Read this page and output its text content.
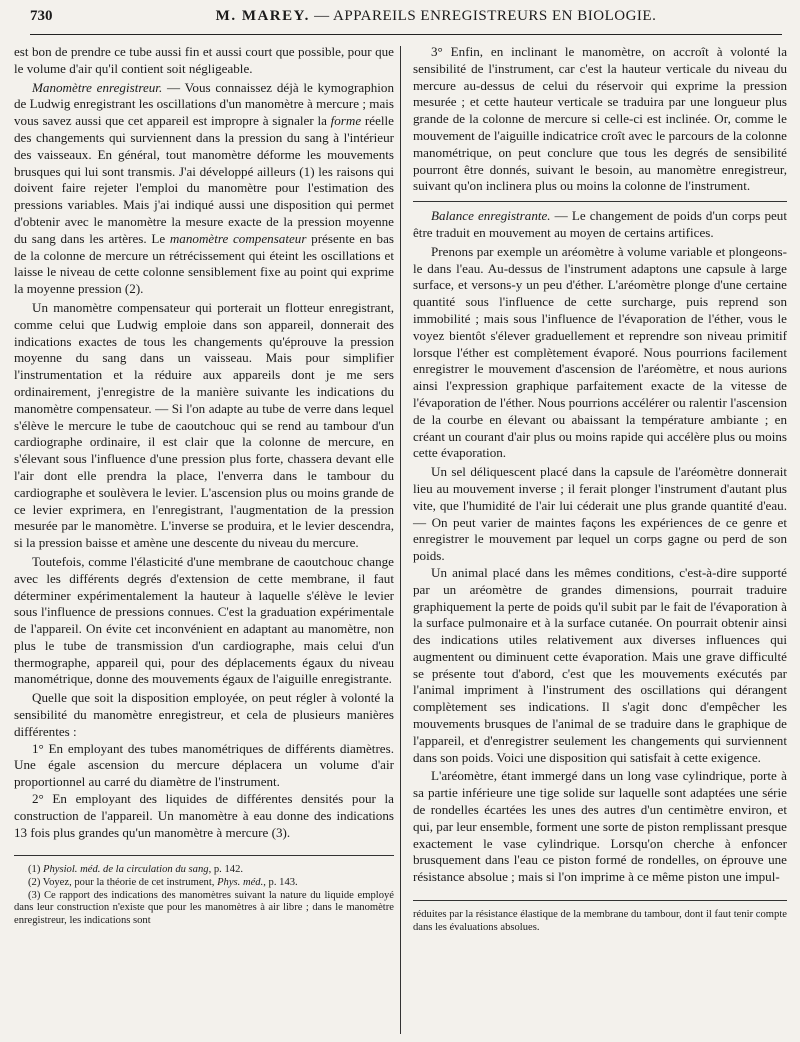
730	M. MAREY. — APPAREILS ENREGISTREURS EN BIOLOGIE.

est bon de prendre ce tube aussi fin et aussi court que possible, pour que le volume d'air qu'il contient soit négligeable.

Manomètre enregistreur. — Vous connaissez déjà le kymographion de Ludwig enregistrant les oscillations d'un manomètre à mercure ; mais vous savez aussi que cet appareil est impropre à signaler la forme réelle des changements qui surviennent dans la pression du sang à l'intérieur des vaisseaux. En général, tout manomètre déforme les mouvements brusques qui lui sont transmis. J'ai développé ailleurs (1) les raisons qui doivent faire rejeter l'emploi du manomètre pour l'estimation des pressions variables. Mais j'ai indiqué aussi une disposition qui permet d'obtenir avec le manomètre la mesure exacte de la pression moyenne du sang dans les artères. Le manomètre compensateur présente en bas de la colonne de mercure un rétrécissement qui éteint les oscillations et laisse le niveau de cette colonne sensiblement fixe au point qui exprime la moyenne pression (2).

Un manomètre compensateur qui porterait un flotteur enregistrant, comme celui que Ludwig emploie dans son appareil, donnerait des indications exactes de tous les changements qu'éprouve la pression moyenne du sang dans un vaisseau. Mais pour simplifier l'instrumentation et la réduire aux appareils dont je me sers ordinairement, j'enregistre de la manière suivante les indications du manomètre compensateur. — Si l'on adapte au tube de verre dans lequel s'élève le mercure le tube de caoutchouc qui se rend au tambour d'un cardiographe ordinaire, il est clair que la colonne de mercure, en s'élevant sous l'influence d'une pression plus forte, chassera devant elle l'air dont elle prendra la place, l'enverra dans le tambour du cardiographe et soulèvera le levier. L'ascension plus ou moins grande de ce levier exprimera, en l'enregistrant, l'augmentation de la pression mesurée par le manomètre. L'inverse se produira, et le levier descendra, si la pression baisse et amène une descente du niveau du mercure.

Toutefois, comme l'élasticité d'une membrane de caoutchouc change avec les différents degrés d'extension de cette membrane, il faut déterminer expérimentalement la hauteur à laquelle s'élève le levier sous l'influence de pressions connues. C'est la graduation expérimentale de l'appareil. On évite cet inconvénient en adaptant au manomètre, non plus le tube de transmission d'un cardiographe, mais celui d'un thermographe, appareil qui, pour des déplacements égaux du niveau manométrique, donne des mouvements égaux de l'aiguille enregistrante.

Quelle que soit la disposition employée, on peut régler à volonté la sensibilité du manomètre enregistreur, et cela de plusieurs manières différentes :

1° En employant des tubes manométriques de différents diamètres. Une égale ascension du mercure déplacera un volume d'air proportionnel au carré du diamètre de l'instrument.

2° En employant des liquides de différentes densités pour la construction de l'appareil. Un manomètre à eau donne des indications 13 fois plus grandes qu'un manomètre à mercure (3).

(1) Physiol. méd. de la circulation du sang, p. 142.

(2) Voyez, pour la théorie de cet instrument, Phys. méd., p. 143.

(3) Ce rapport des indications des manomètres suivant la nature du liquide employé dans leur construction n'existe que pour les manomètres à air libre ; dans le manomètre enregistreur, les indications sont

3° Enfin, en inclinant le manomètre, on accroît à volonté la sensibilité de l'instrument, car c'est la hauteur verticale du niveau du mercure au-dessus de celui du réservoir qui exprime la pression mesurée ; et cette hauteur verticale se traduira par une longueur plus grande de la colonne de mercure si celle-ci est inclinée. Or, comme le mouvement de l'aiguille indicatrice croît avec le parcours de la colonne manométrique, on peut conclure que tous les degrés de sensibilité pourront être donnés, suivant le besoin, au manomètre enregistreur, suivant qu'on inclinera plus ou moins la colonne de l'instrument.

Balance enregistrante. — Le changement de poids d'un corps peut être traduit en mouvement au moyen de certains artifices.

Prenons par exemple un aréomètre à volume variable et plongeons-le dans l'eau. Au-dessus de l'instrument adaptons une capsule à large surface, et versons-y un peu d'éther. L'aréomètre plonge d'une certaine quantité sous l'influence de cette surcharge, puis reprend son immobilité ; mais sous l'influence de l'évaporation de l'éther, vous le voyez bientôt s'élever graduellement et reprendre son niveau primitif lorsque l'éther est complètement évaporé. Nous pourrions facilement enregistrer le mouvement d'ascension de l'aréomètre, et nous aurions ainsi l'expression graphique parfaitement exacte de la vitesse de l'évaporation de l'éther. Nous pourrions accélérer ou ralentir l'ascension de la courbe en élevant ou abaissant la température ambiante ; en créant un courant d'air plus ou moins rapide qui accélère plus ou moins cette évaporation.

Un sel déliquescent placé dans la capsule de l'aréomètre donnerait lieu au mouvement inverse ; il ferait plonger l'instrument d'autant plus vite, que l'humidité de l'air lui céderait une plus grande quantité d'eau. — On peut varier de maintes façons les expériences de ce genre et enregistrer le mouvement par lequel un corps gagne ou perd de son poids.

Un animal placé dans les mêmes conditions, c'est-à-dire supporté par un aréomètre de grandes dimensions, pourrait traduire graphiquement la perte de poids qu'il subit par le fait de l'évaporation à la surface pulmonaire et à la surface cutanée. On pourrait obtenir ainsi des indications utiles relativement aux diverses influences qui augmentent ou diminuent cette évaporation. Mais une grave difficulté se présente tout d'abord, c'est que les mouvements exécutés par l'animal impriment à l'instrument des oscillations qui dérangent complètement ses indications. Il s'agit donc d'empêcher les mouvements brusques de l'animal de se traduire dans le graphique de l'appareil, et d'enregistrer seulement les changements qui surviennent dans son poids. Voici une disposition qui satisfait à cette exigence.

L'aréomètre, étant immergé dans un long vase cylindrique, porte à sa partie inférieure une tige solide sur laquelle sont adaptées une série de rondelles écartées les unes des autres d'un centimètre environ, et qui, par leur ensemble, forment une sorte de piston remplissant presque exactement le vase cylindrique. Lorsqu'on cherche à enfoncer brusquement dans l'eau ce piston formé de rondelles, on éprouve une résistance absolue ; mais si l'on imprime à ce même piston une impul-

réduites par la résistance élastique de la membrane du tambour, dont il faut tenir compte dans les évaluations absolues.
